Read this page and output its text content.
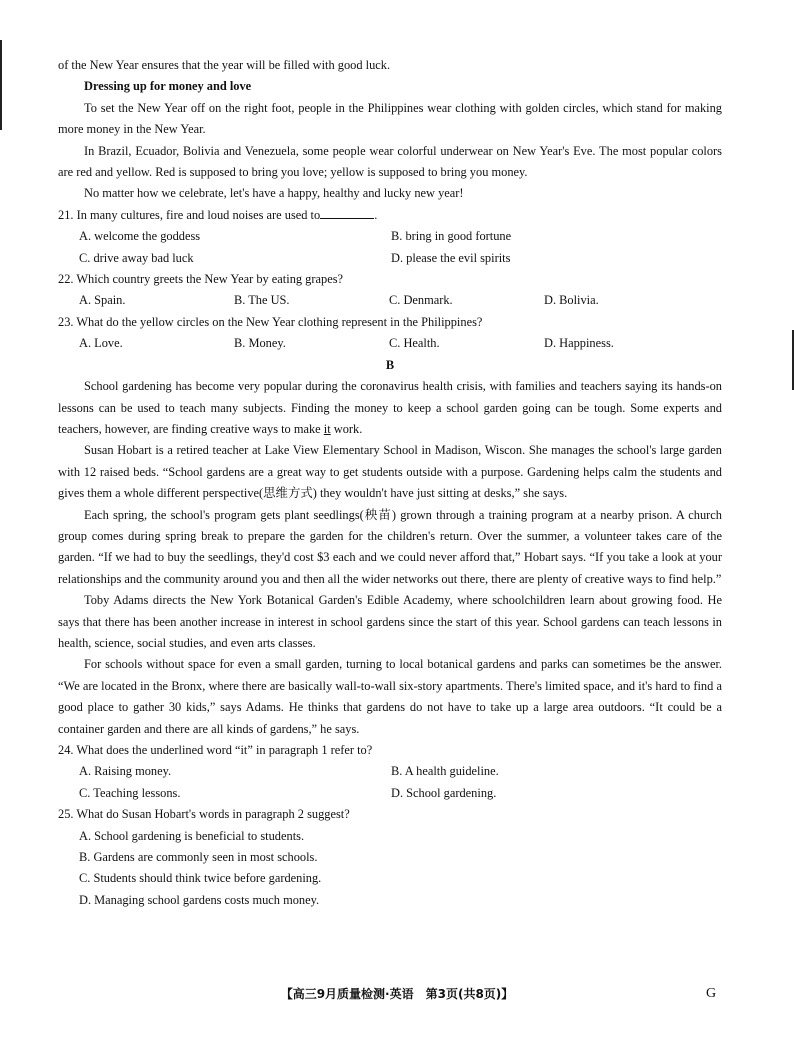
of the New Year ensures that the year will be filled with good luck.

Dressing up for money and love

To set the New Year off on the right foot, people in the Philippines wear clothing with golden circles, which stand for making more money in the New Year.

In Brazil, Ecuador, Bolivia and Venezuela, some people wear colorful underwear on New Year's Eve. The most popular colors are red and yellow. Red is supposed to bring you love; yellow is supposed to bring you money.

No matter how we celebrate, let's have a happy, healthy and lucky new year!

21. In many cultures, fire and loud noises are used to	.

A. welcome the goddess	B. bring in good fortune
C. drive away bad luck	D. please the evil spirits

22. Which country greets the New Year by eating grapes?

A. Spain.	B. The US.	C. Denmark.	D. Bolivia.

23. What do the yellow circles on the New Year clothing represent in the Philippines?

A. Love.	B. Money.	C. Health.	D. Happiness.

B

School gardening has become very popular during the coronavirus health crisis, with families and teachers saying its hands-on lessons can be used to teach many subjects. Finding the money to keep a school garden going can be tough. Some experts and teachers, however, are finding creative ways to make it work.

Susan Hobart is a retired teacher at Lake View Elementary School in Madison, Wiscon. She manages the school's large garden with 12 raised beds. “School gardens are a great way to get students outside with a purpose. Gardening helps calm the students and gives them a whole different perspective(思维方式) they wouldn't have just sitting at desks,” she says.

Each spring, the school's program gets plant seedlings(秧苗) grown through a training program at a nearby prison. A church group comes during spring break to prepare the garden for the children's return. Over the summer, a volunteer takes care of the garden. “If we had to buy the seedlings, they'd cost $3 each and we could never afford that,” Hobart says. “If you take a look at your relationships and the community around you and then all the wider networks out there, there are plenty of creative ways to find help.”

Toby Adams directs the New York Botanical Garden's Edible Academy, where schoolchildren learn about growing food. He says that there has been another increase in interest in school gardens since the start of this year. School gardens can teach lessons in health, science, social studies, and even arts classes.

For schools without space for even a small garden, turning to local botanical gardens and parks can sometimes be the answer. “We are located in the Bronx, where there are basically wall-to-wall six-story apartments. There's limited space, and it's hard to find a good place to gather 30 kids,” says Adams. He thinks that gardens do not have to take up a large area outdoors. “It could be a container garden and there are all kinds of gardens,” he says.

24. What does the underlined word “it” in paragraph 1 refer to?

A. Raising money.	B. A health guideline.
C. Teaching lessons.	D. School gardening.

25. What do Susan Hobart's words in paragraph 2 suggest?

A. School gardening is beneficial to students.
B. Gardens are commonly seen in most schools.
C. Students should think twice before gardening.
D. Managing school gardens costs much money.
【高三9月质量检测·英语　第3页(共8页)】	G
